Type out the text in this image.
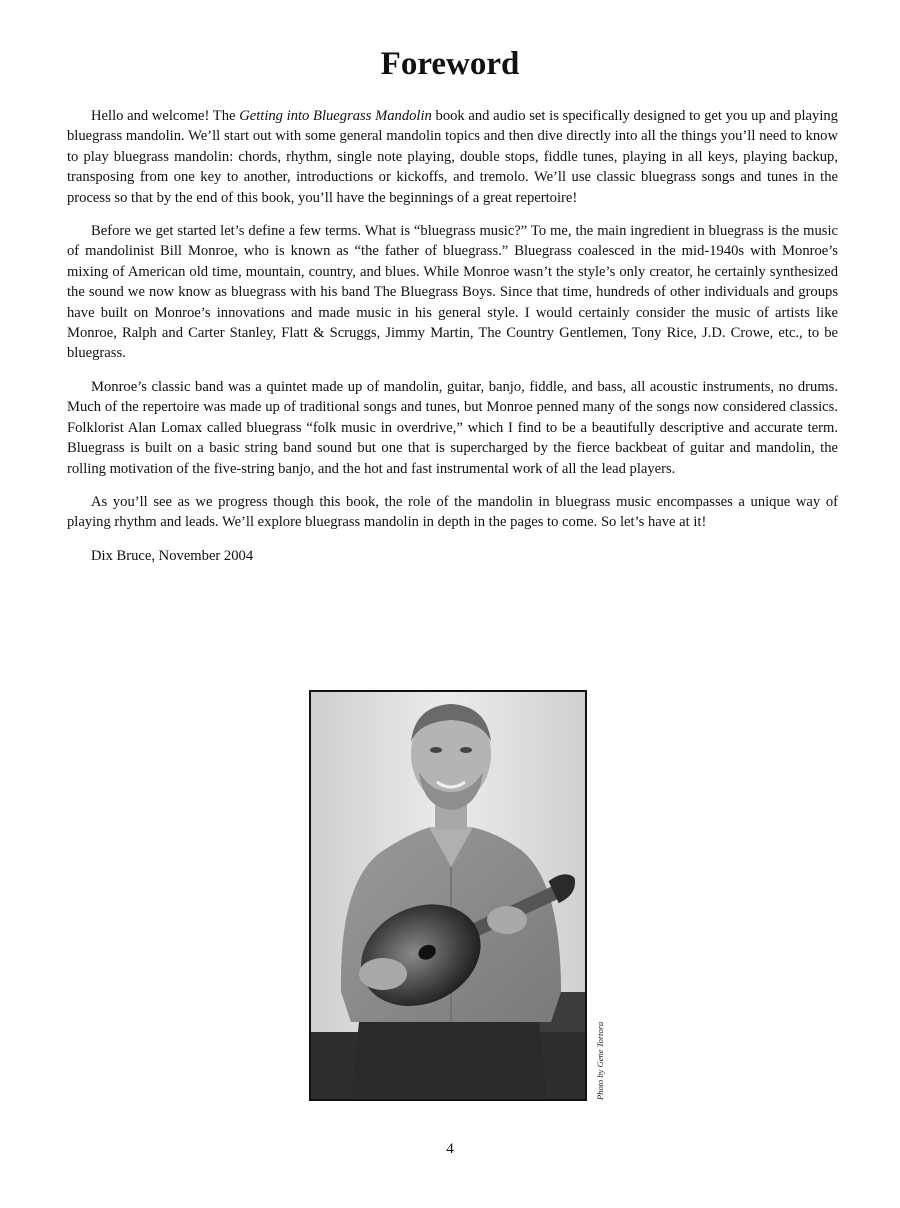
Foreword

Hello and welcome! The Getting into Bluegrass Mandolin book and audio set is specifically designed to get you up and playing bluegrass mandolin. We’ll start out with some general mandolin topics and then dive directly into all the things you’ll need to know to play bluegrass mandolin: chords, rhythm, single note playing, double stops, fiddle tunes, playing in all keys, playing backup, transposing from one key to another, introductions or kickoffs, and tremolo. We’ll use classic bluegrass songs and tunes in the process so that by the end of this book, you’ll have the beginnings of a great repertoire!

Before we get started let’s define a few terms. What is “bluegrass music?” To me, the main ingredient in bluegrass is the music of mandolinist Bill Monroe, who is known as “the father of bluegrass.” Bluegrass coalesced in the mid-1940s with Monroe’s mixing of American old time, mountain, country, and blues. While Monroe wasn’t the style’s only creator, he certainly synthesized the sound we now know as bluegrass with his band The Bluegrass Boys. Since that time, hundreds of other individuals and groups have built on Monroe’s innovations and made music in his general style. I would certainly consider the music of artists like Monroe, Ralph and Carter Stanley, Flatt & Scruggs, Jimmy Martin, The Country Gentlemen, Tony Rice, J.D. Crowe, etc., to be bluegrass.

Monroe’s classic band was a quintet made up of mandolin, guitar, banjo, fiddle, and bass, all acoustic instruments, no drums. Much of the repertoire was made up of traditional songs and tunes, but Monroe penned many of the songs now considered classics. Folklorist Alan Lomax called bluegrass “folk music in overdrive,” which I find to be a beautifully descriptive and accurate term. Bluegrass is built on a basic string band sound but one that is supercharged by the fierce backbeat of guitar and mandolin, the rolling motivation of the five-string banjo, and the hot and fast instrumental work of all the lead players.

As you’ll see as we progress though this book, the role of the mandolin in bluegrass music encompasses a unique way of playing rhythm and leads. We’ll explore bluegrass mandolin in depth in the pages to come. So let’s have at it!

Dix Bruce, November 2004

Photo by Gene Tortora
4
